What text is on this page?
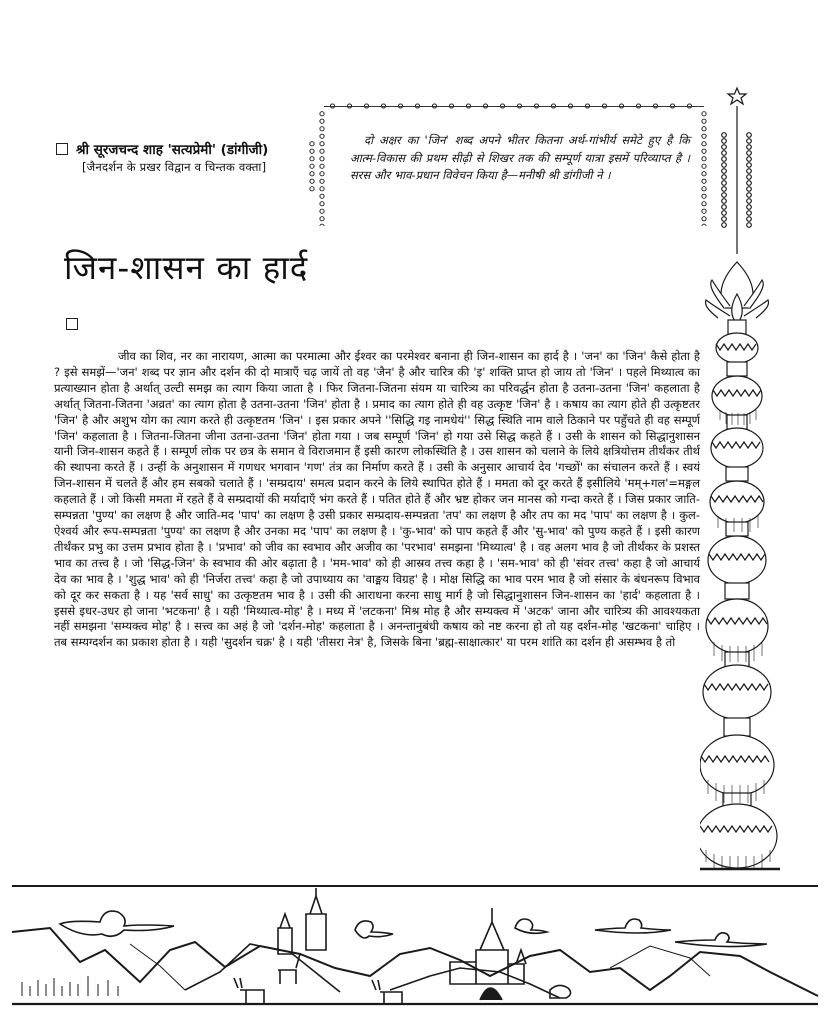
श्री सूरजचन्द शाह 'सत्यप्रेमी' (डांगीजी)
[जैनदर्शन के प्रखर विद्वान व चिन्तक वक्ता]
दो अक्षर का 'जिन' शब्द अपने भीतर कितना अर्थ-गांभीर्य समेटे हुए है कि आत्म-विकास की प्रथम सीढ़ी से शिखर तक की सम्पूर्ण यात्रा इसमें परिव्याप्त है । सरस और भाव-प्रधान विवेचन किया है—मनीषी श्री डांगीजी ने ।
जिन-शासन का हार्द

जीव का शिव, नर का नारायण, आत्मा का परमात्मा और ईश्वर का परमेश्वर बनाना ही जिन-शासन का हार्द है । 'जन' का 'जिन' कैसे होता है ? इसे समझें—'जन' शब्द पर ज्ञान और दर्शन की दो मात्राएँ चढ़ जायें तो वह 'जैन' है और चारित्र की 'इ' शक्ति प्राप्त हो जाय तो 'जिन' । पहले मिथ्यात्व का प्रत्याख्यान होता है अर्थात् उल्टी समझ का त्याग किया जाता है । फिर जितना-जितना संयम या चारित्र्य का परिवर्द्धन होता है उतना-उतना 'जिन' कहलाता है अर्थात् जितना-जितना 'अव्रत' का त्याग होता है उतना-उतना 'जिन' होता है । प्रमाद का त्याग होते ही वह उत्कृष्ट 'जिन' है । कषाय का त्याग होते ही उत्कृष्टतर 'जिन' है और अशुभ योग का त्याग करते ही उत्कृष्टतम 'जिन' । इस प्रकार अपने ''सिद्धि गइ नामधेयं'' सिद्ध स्थिति नाम वाले ठिकाने पर पहुँचते ही वह सम्पूर्ण 'जिन' कहलाता है । जितना-जितना जीना उतना-उतना 'जिन' होता गया । जब सम्पूर्ण 'जिन' हो गया उसे सिद्ध कहते हैं । उसी के शासन को सिद्धानुशासन यानी जिन-शासन कहते हैं । सम्पूर्ण लोक पर छत्र के समान वे विराजमान हैं इसी कारण लोकस्थिति है । उस शासन को चलाने के लिये क्षत्रियोत्तम तीर्थंकर तीर्थ की स्थापना करते हैं । उन्हीं के अनुशासन में गणधर भगवान 'गण' तंत्र का निर्माण करते हैं । उसी के अनुसार आचार्य देव 'गच्छों' का संचालन करते हैं । स्वयं जिन-शासन में चलते हैं और हम सबको चलाते हैं । 'सम्प्रदाय' समत्व प्रदान करने के लिये स्थापित होते हैं । ममता को दूर करते हैं इसीलिये 'मम्+गल'=मङ्गल कहलाते हैं । जो किसी ममता में रहते हैं वे सम्प्रदायों की मर्यादाएँ भंग करते हैं । पतित होते हैं और भ्रष्ट होकर जन मानस को गन्दा करते हैं । जिस प्रकार जाति-सम्पन्नता 'पुण्य' का लक्षण है और जाति-मद 'पाप' का लक्षण है उसी प्रकार सम्प्रदाय-सम्पन्नता 'तप' का लक्षण है और तप का मद 'पाप' का लक्षण है । कुल-ऐश्वर्य और रूप-सम्पन्नता 'पुण्य' का लक्षण है और उनका मद 'पाप' का लक्षण है । 'कु-भाव' को पाप कहते हैं और 'सु-भाव' को पुण्य कहते हैं । इसी कारण तीर्थंकर प्रभु का उत्तम प्रभाव होता है । 'प्रभाव' को जीव का स्वभाव और अजीव का 'परभाव' समझना 'मिथ्यात्व' है । वह अलग भाव है जो तीर्थंकर के प्रशस्त भाव का तत्त्व है । जो 'सिद्ध-जिन' के स्वभाव की ओर बढ़ाता है । 'मम-भाव' को ही आस्रव तत्त्व कहा है । 'सम-भाव' को ही 'संवर तत्त्व' कहा है जो आचार्य देव का भाव है । 'शुद्ध भाव' को ही 'निर्जरा तत्त्व' कहा है जो उपाध्याय का 'वाङ्मय विग्रह' है । मोक्ष सिद्धि का भाव परम भाव है जो संसार के बंधनरूप विभाव को दूर कर सकता है । यह 'सर्व साधु' का उत्कृष्टतम भाव है । उसी की आराधना करना साधु मार्ग है जो सिद्धानुशासन जिन-शासन का 'हार्द' कहलाता है । इससे इधर-उधर हो जाना 'भटकना' है । यही 'मिथ्यात्व-मोह' है । मध्य में 'लटकना' मिश्र मोह है और सम्यक्त्व में 'अटक' जाना और चारित्र्य की आवश्यकता नहीं समझना 'सम्यक्त्व मोह' है । सत्त्व का अहं है जो 'दर्शन-मोह' कहलाता है । अनन्तानुबंधी कषाय को नष्ट करना हो तो यह दर्शन-मोह 'खटकना' चाहिए । तब सम्यग्दर्शन का प्रकाश होता है । यही 'सुदर्शन चक्र' है । यही 'तीसरा नेत्र' है, जिसके बिना 'ब्रह्म-साक्षात्कार' या परम शांति का दर्शन ही असम्भव है तो
